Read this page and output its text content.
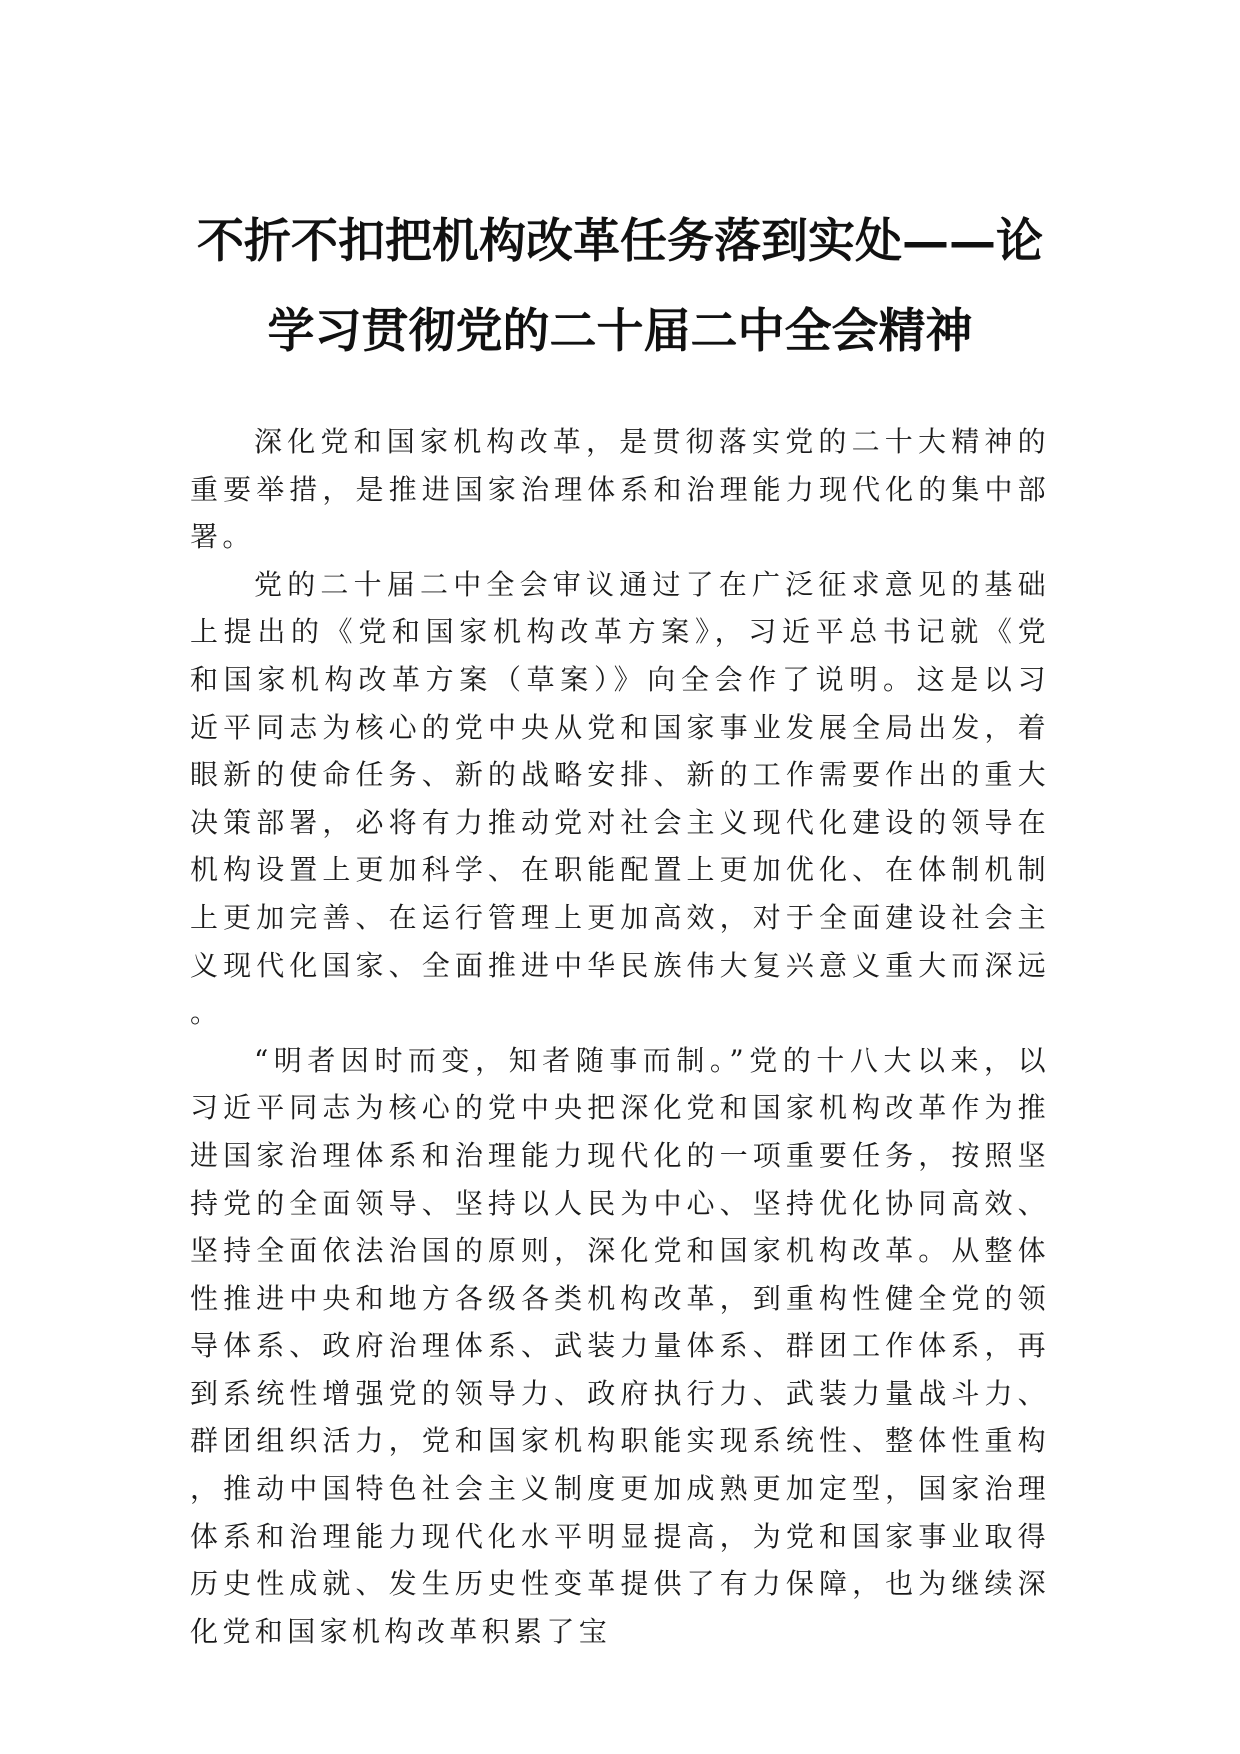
不折不扣把机构改革任务落到实处——论
学习贯彻党的二十届二中全会精神

深化党和国家机构改革，是贯彻落实党的二十大精神的重要举措，是推进国家治理体系和治理能力现代化的集中部署。

党的二十届二中全会审议通过了在广泛征求意见的基础上提出的《党和国家机构改革方案》，习近平总书记就《党和国家机构改革方案（草案）》向全会作了说明。这是以习近平同志为核心的党中央从党和国家事业发展全局出发，着眼新的使命任务、新的战略安排、新的工作需要作出的重大决策部署，必将有力推动党对社会主义现代化建设的领导在机构设置上更加科学、在职能配置上更加优化、在体制机制上更加完善、在运行管理上更加高效，对于全面建设社会主义现代化国家、全面推进中华民族伟大复兴意义重大而深远。

“明者因时而变，知者随事而制。”党的十八大以来，以习近平同志为核心的党中央把深化党和国家机构改革作为推进国家治理体系和治理能力现代化的一项重要任务，按照坚持党的全面领导、坚持以人民为中心、坚持优化协同高效、坚持全面依法治国的原则，深化党和国家机构改革。从整体性推进中央和地方各级各类机构改革，到重构性健全党的领导体系、政府治理体系、武装力量体系、群团工作体系，再到系统性增强党的领导力、政府执行力、武装力量战斗力、群团组织活力，党和国家机构职能实现系统性、整体性重构，推动中国特色社会主义制度更加成熟更加定型，国家治理体系和治理能力现代化水平明显提高，为党和国家事业取得历史性成就、发生历史性变革提供了有力保障，也为继续深化党和国家机构改革积累了宝
